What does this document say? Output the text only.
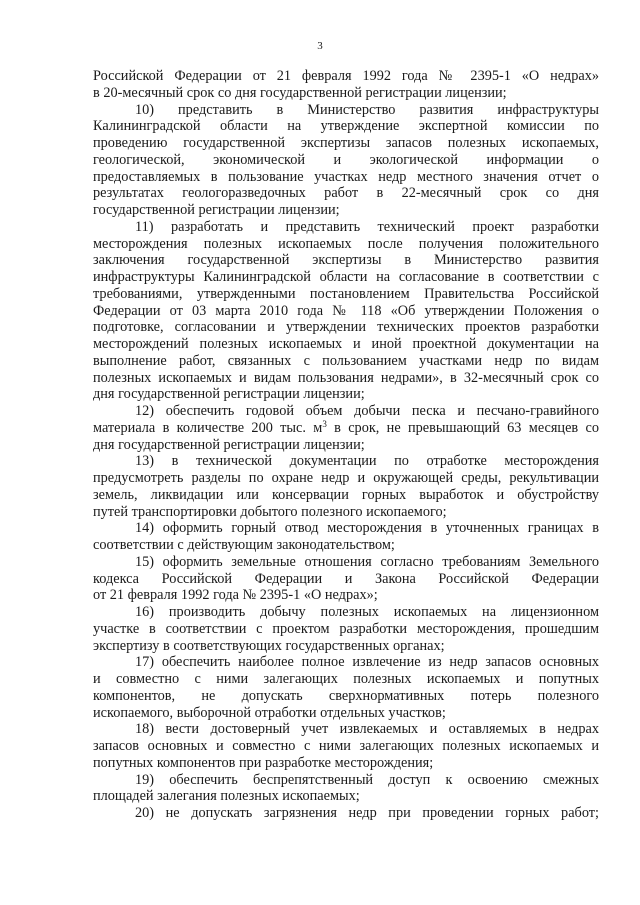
3
Российской Федерации от 21 февраля 1992 года № 2395-1 «О недрах»
в 20-месячный срок со дня государственной регистрации лицензии;
10) представить в Министерство развития инфраструктуры
Калининградской области на утверждение экспертной комиссии по
проведению государственной экспертизы запасов полезных ископаемых,
геологической, экономической и экологической информации о
предоставляемых в пользование участках недр местного значения отчет о
результатах геологоразведочных работ в 22-месячный срок со дня
государственной регистрации лицензии;
11) разработать и представить технический проект разработки
месторождения полезных ископаемых после получения положительного
заключения государственной экспертизы в Министерство развития
инфраструктуры Калининградской области на согласование в соответствии с
требованиями, утвержденными постановлением Правительства Российской
Федерации от 03 марта 2010 года № 118 «Об утверждении Положения о
подготовке, согласовании и утверждении технических проектов разработки
месторождений полезных ископаемых и иной проектной документации на
выполнение работ, связанных с пользованием участками недр по видам
полезных ископаемых и видам пользования недрами», в 32-месячный срок со
дня государственной регистрации лицензии;
12) обеспечить годовой объем добычи песка и песчано-гравийного
материала в количестве 200 тыс. $м^3$ в срок, не превышающий 63 месяцев со
дня государственной регистрации лицензии;
13) в технической документации по отработке месторождения
предусмотреть разделы по охране недр и окружающей среды, рекультивации
земель, ликвидации или консервации горных выработок и обустройству
путей транспортировки добытого полезного ископаемого;
14) оформить горный отвод месторождения в уточненных границах в
соответствии с действующим законодательством;
15) оформить земельные отношения согласно требованиям Земельного
кодекса Российской Федерации и Закона Российской Федерации
от 21 февраля 1992 года № 2395-1 «О недрах»;
16) производить добычу полезных ископаемых на лицензионном
участке в соответствии с проектом разработки месторождения, прошедшим
экспертизу в соответствующих государственных органах;
17) обеспечить наиболее полное извлечение из недр запасов основных
и совместно с ними залегающих полезных ископаемых и попутных
компонентов, не допускать сверхнормативных потерь полезного
ископаемого, выборочной отработки отдельных участков;
18) вести достоверный учет извлекаемых и оставляемых в недрах
запасов основных и совместно с ними залегающих полезных ископаемых и
попутных компонентов при разработке месторождения;
19) обеспечить беспрепятственный доступ к освоению смежных
площадей залегания полезных ископаемых;
20) не допускать загрязнения недр при проведении горных работ;
